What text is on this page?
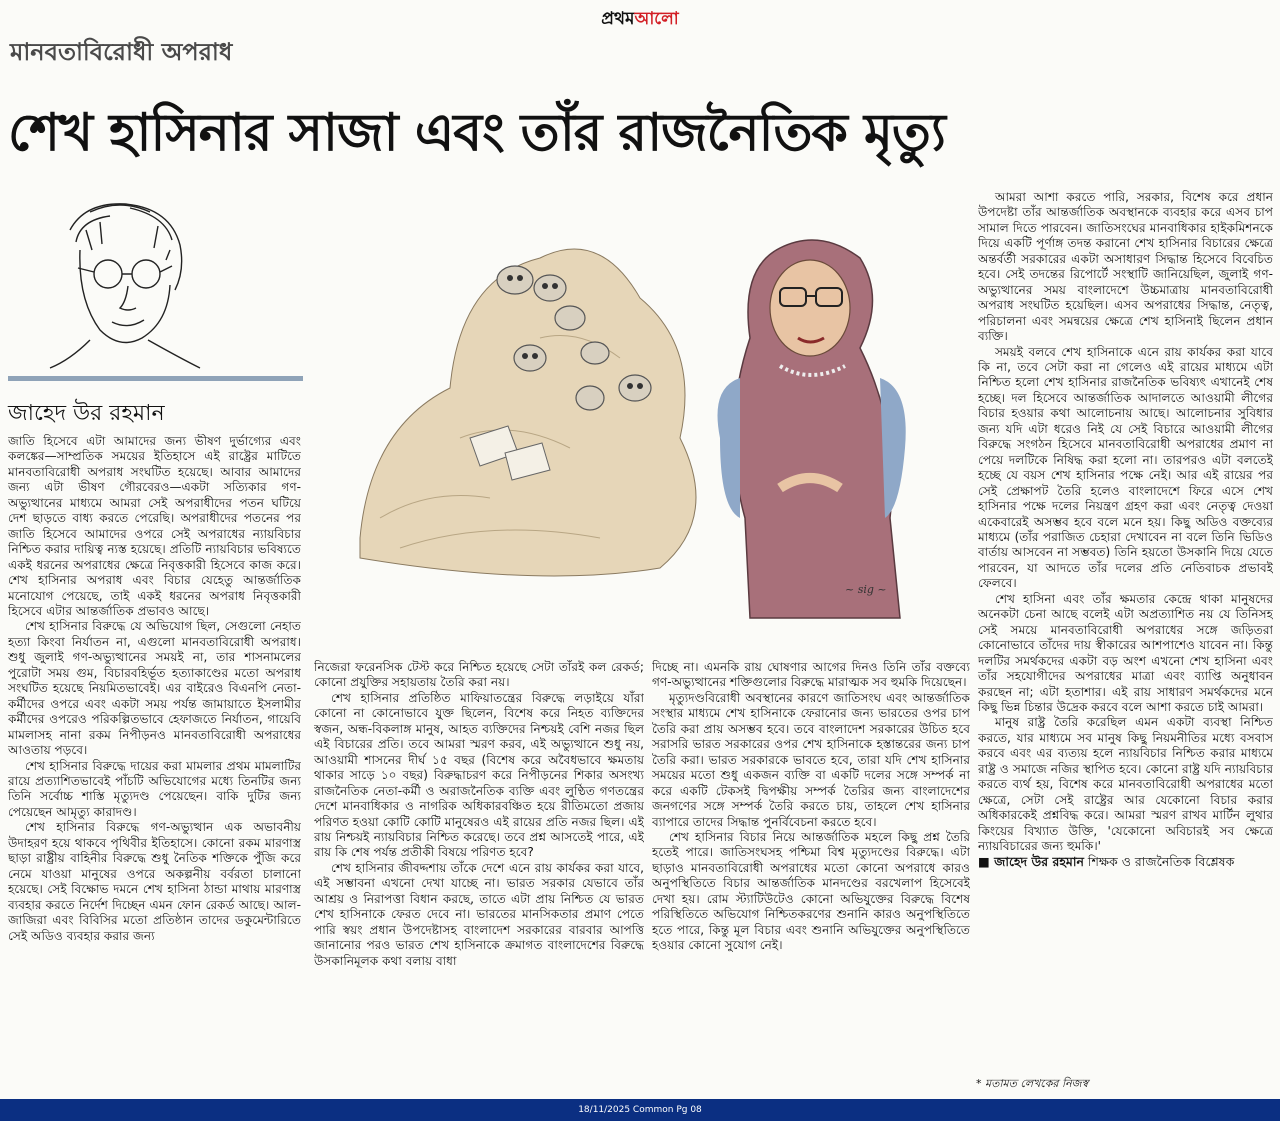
প্রথমআলো
মানবতাবিরোধী অপরাধ
শেখ হাসিনার সাজা এবং তাঁর রাজনৈতিক মৃত্যু
জাহেদ উর রহমান
~ sig ~

জাতি হিসেবে এটা আমাদের জন্য ভীষণ দুর্ভাগ্যের এবং কলঙ্কের—সাম্প্রতিক সময়ের ইতিহাসে এই রাষ্ট্রের মাটিতে মানবতাবিরোধী অপরাধ সংঘটিত হয়েছে। আবার আমাদের জন্য এটা ভীষণ গৌরবেরও—একটা সত্যিকার গণ-অভ্যুত্থানের মাধ্যমে আমরা সেই অপরাধীদের পতন ঘটিয়ে দেশ ছাড়তে বাধ্য করতে পেরেছি। অপরাধীদের পতনের পর জাতি হিসেবে আমাদের ওপরে সেই অপরাধের ন্যায়বিচার নিশ্চিত করার দায়িত্ব ন্যস্ত হয়েছে। প্রতিটি ন্যায়বিচার ভবিষ্যতে একই ধরনের অপরাধের ক্ষেত্রে নিবৃত্তকারী হিসেবে কাজ করে। শেখ হাসিনার অপরাধ এবং বিচার যেহেতু আন্তর্জাতিক মনোযোগ পেয়েছে, তাই একই ধরনের অপরাধ নিবৃত্তকারী হিসেবে এটার আন্তর্জাতিক প্রভাবও আছে।

শেখ হাসিনার বিরুদ্ধে যে অভিযোগ ছিল, সেগুলো নেহাত হত্যা কিংবা নির্যাতন না, এগুলো মানবতাবিরোধী অপরাধ। শুধু জুলাই গণ-অভ্যুত্থানের সময়ই না, তার শাসনামলের পুরোটা সময় গুম, বিচারবহির্ভূত হত্যাকাণ্ডের মতো অপরাধ সংঘটিত হয়েছে নিয়মিতভাবেই। এর বাইরেও বিএনপি নেতা-কর্মীদের ওপরে এবং একটা সময় পর্যন্ত জামায়াতে ইসলামীর কর্মীদের ওপরেও পরিকল্পিতভাবে হেফাজতে নির্যাতন, গায়েবি মামলাসহ নানা রকম নিপীড়নও মানবতাবিরোধী অপরাধের আওতায় পড়বে।

শেখ হাসিনার বিরুদ্ধে দায়ের করা মামলার প্রথম মামলাটির রায়ে প্রত্যাশিতভাবেই পাঁচটি অভিযোগের মধ্যে তিনটির জন্য তিনি সর্বোচ্চ শাস্তি মৃত্যুদণ্ড পেয়েছেন। বাকি দুটির জন্য পেয়েছেন আমৃত্যু কারাদণ্ড।

শেখ হাসিনার বিরুদ্ধে গণ-অভ্যুত্থান এক অভাবনীয় উদাহরণ হয়ে থাকবে পৃথিবীর ইতিহাসে। কোনো রকম মারণাস্ত্র ছাড়া রাষ্ট্রীয় বাহিনীর বিরুদ্ধে শুধু নৈতিক শক্তিকে পুঁজি করে নেমে যাওয়া মানুষের ওপরে অকল্পনীয় বর্বরতা চালানো হয়েছে। সেই বিক্ষোভ দমনে শেখ হাসিনা ঠান্ডা মাথায় মারণাস্ত্র ব্যবহার করতে নির্দেশ দিচ্ছেন এমন ফোন রেকর্ড আছে। আল-জাজিরা এবং বিবিসির মতো প্রতিষ্ঠান তাদের ডকুমেন্টারিতে সেই অডিও ব্যবহার করার জন্য

নিজেরা ফরেনসিক টেস্ট করে নিশ্চিত হয়েছে সেটা তাঁরই কল রেকর্ড; কোনো প্রযুক্তির সহায়তায় তৈরি করা নয়।

শেখ হাসিনার প্রতিষ্ঠিত মাফিয়াতন্ত্রের বিরুদ্ধে লড়াইয়ে যাঁরা কোনো না কোনোভাবে যুক্ত ছিলেন, বিশেষ করে নিহত ব্যক্তিদের স্বজন, অন্ধ-বিকলাঙ্গ মানুষ, আহত ব্যক্তিদের নিশ্চয়ই বেশি নজর ছিল এই বিচারের প্রতি। তবে আমরা স্মরণ করব, এই অভ্যুত্থানে শুধু নয়, আওয়ামী শাসনের দীর্ঘ ১৫ বছর (বিশেষ করে অবৈধভাবে ক্ষমতায় থাকার সাড়ে ১০ বছর) বিরুদ্ধাচরণ করে নিপীড়নের শিকার অসংখ্য রাজনৈতিক নেতা-কর্মী ও অরাজনৈতিক ব্যক্তি এবং লুণ্ঠিত গণতন্ত্রের দেশে মানবাধিকার ও নাগরিক অধিকারবঞ্চিত হয়ে রীতিমতো প্রজায় পরিণত হওয়া কোটি কোটি মানুষেরও এই রায়ের প্রতি নজর ছিল। এই রায় নিশ্চয়ই ন্যায়বিচার নিশ্চিত করেছে। তবে প্রশ্ন আসতেই পারে, এই রায় কি শেষ পর্যন্ত প্রতীকী বিষয়ে পরিণত হবে?

শেখ হাসিনার জীবদ্দশায় তাঁকে দেশে এনে রায় কার্যকর করা যাবে, এই সম্ভাবনা এখনো দেখা যাচ্ছে না। ভারত সরকার যেভাবে তাঁর আশ্রয় ও নিরাপত্তা বিধান করছে, তাতে এটা প্রায় নিশ্চিত যে ভারত শেখ হাসিনাকে ফেরত দেবে না। ভারতের মানসিকতার প্রমাণ পেতে পারি স্বয়ং প্রধান উপদেষ্টাসহ বাংলাদেশ সরকারের বারবার আপত্তি জানানোর পরও ভারত শেখ হাসিনাকে ক্রমাগত বাংলাদেশের বিরুদ্ধে উসকানিমূলক কথা বলায় বাধা

দিচ্ছে না। এমনকি রায় ঘোষণার আগের দিনও তিনি তাঁর বক্তব্যে গণ-অভ্যুত্থানের শক্তিগুলোর বিরুদ্ধে মারাত্মক সব হুমকি দিয়েছেন।

মৃত্যুদণ্ডবিরোধী অবস্থানের কারণে জাতিসংঘ এবং আন্তর্জাতিক সংস্থার মাধ্যমে শেখ হাসিনাকে ফেরানোর জন্য ভারতের ওপর চাপ তৈরি করা প্রায় অসম্ভব হবে। তবে বাংলাদেশ সরকারের উচিত হবে সরাসরি ভারত সরকারের ওপর শেখ হাসিনাকে হস্তান্তরের জন্য চাপ তৈরি করা। ভারত সরকারকে ভাবতে হবে, তারা যদি শেখ হাসিনার সময়ের মতো শুধু একজন ব্যক্তি বা একটি দলের সঙ্গে সম্পর্ক না করে একটি টেকসই দ্বিপক্ষীয় সম্পর্ক তৈরির জন্য বাংলাদেশের জনগণের সঙ্গে সম্পর্ক তৈরি করতে চায়, তাহলে শেখ হাসিনার ব্যাপারে তাদের সিদ্ধান্ত পুনর্বিবেচনা করতে হবে।

শেখ হাসিনার বিচার নিয়ে আন্তর্জাতিক মহলে কিছু প্রশ্ন তৈরি হতেই পারে। জাতিসংঘসহ পশ্চিমা বিশ্ব মৃত্যুদণ্ডের বিরুদ্ধে। এটা ছাড়াও মানবতাবিরোধী অপরাধের মতো কোনো অপরাধে কারও অনুপস্থিতিতে বিচার আন্তর্জাতিক মানদণ্ডের বরখেলাপ হিসেবেই দেখা হয়। রোম স্ট্যাটিউটেও কোনো অভিযুক্তের বিরুদ্ধে বিশেষ পরিস্থিতিতে অভিযোগ নিশ্চিতকরণের শুনানি কারও অনুপস্থিতিতে হতে পারে, কিন্তু মূল বিচার এবং শুনানি অভিযুক্তের অনুপস্থিতিতে হওয়ার কোনো সুযোগ নেই।

আমরা আশা করতে পারি, সরকার, বিশেষ করে প্রধান উপদেষ্টা তাঁর আন্তর্জাতিক অবস্থানকে ব্যবহার করে এসব চাপ সামাল দিতে পারবেন। জাতিসংঘের মানবাধিকার হাইকমিশনকে দিয়ে একটি পূর্ণাঙ্গ তদন্ত করানো শেখ হাসিনার বিচারের ক্ষেত্রে অন্তর্বর্তী সরকারের একটা অসাধারণ সিদ্ধান্ত হিসেবে বিবেচিত হবে। সেই তদন্তের রিপোর্টে সংস্থাটি জানিয়েছিল, জুলাই গণ-অভ্যুত্থানের সময় বাংলাদেশে উচ্চমাত্রায় মানবতাবিরোধী অপরাধ সংঘটিত হয়েছিল। এসব অপরাধের সিদ্ধান্ত, নেতৃত্ব, পরিচালনা এবং সমন্বয়ের ক্ষেত্রে শেখ হাসিনাই ছিলেন প্রধান ব্যক্তি।

সময়ই বলবে শেখ হাসিনাকে এনে রায় কার্যকর করা যাবে কি না, তবে সেটা করা না গেলেও এই রায়ের মাধ্যমে এটা নিশ্চিত হলো শেখ হাসিনার রাজনৈতিক ভবিষ্যৎ এখানেই শেষ হচ্ছে। দল হিসেবে আন্তর্জাতিক আদালতে আওয়ামী লীগের বিচার হওয়ার কথা আলোচনায় আছে। আলোচনার সুবিধার জন্য যদি এটা ধরেও নিই যে সেই বিচারে আওয়ামী লীগের বিরুদ্ধে সংগঠন হিসেবে মানবতাবিরোধী অপরাধের প্রমাণ না পেয়ে দলটিকে নিষিদ্ধ করা হলো না। তারপরও এটা বলতেই হচ্ছে যে বয়স শেখ হাসিনার পক্ষে নেই। আর এই রায়ের পর সেই প্রেক্ষাপট তৈরি হলেও বাংলাদেশে ফিরে এসে শেখ হাসিনার পক্ষে দলের নিয়ন্ত্রণ গ্রহণ করা এবং নেতৃত্ব দেওয়া একেবারেই অসম্ভব হবে বলে মনে হয়। কিছু অডিও বক্তব্যের মাধ্যমে (তাঁর পরাজিত চেহারা দেখাবেন না বলে তিনি ভিডিও বার্তায় আসবেন না সম্ভবত) তিনি হয়তো উসকানি দিয়ে যেতে পারবেন, যা আদতে তাঁর দলের প্রতি নেতিবাচক প্রভাবই ফেলবে।

শেখ হাসিনা এবং তাঁর ক্ষমতার কেন্দ্রে থাকা মানুষদের অনেকটা চেনা আছে বলেই এটা অপ্রত্যাশিত নয় যে তিনিসহ সেই সময়ে মানবতাবিরোধী অপরাধের সঙ্গে জড়িতরা কোনোভাবে তাঁদের দায় স্বীকারের আশপাশেও যাবেন না। কিন্তু দলটির সমর্থকদের একটা বড় অংশ এখনো শেখ হাসিনা এবং তাঁর সহযোগীদের অপরাধের মাত্রা এবং ব্যাপ্তি অনুধাবন করছেন না; এটা হতাশার। এই রায় সাধারণ সমর্থকদের মনে কিছু ভিন্ন চিন্তার উদ্রেক করবে বলে আশা করতে চাই আমরা।

মানুষ রাষ্ট্র তৈরি করেছিল এমন একটা ব্যবস্থা নিশ্চিত করতে, যার মাধ্যমে সব মানুষ কিছু নিয়মনীতির মধ্যে বসবাস করবে এবং এর ব্যত্যয় হলে ন্যায়বিচার নিশ্চিত করার মাধ্যমে রাষ্ট্র ও সমাজে নজির স্থাপিত হবে। কোনো রাষ্ট্র যদি ন্যায়বিচার করতে ব্যর্থ হয়, বিশেষ করে মানবতাবিরোধী অপরাধের মতো ক্ষেত্রে, সেটা সেই রাষ্ট্রের আর যেকোনো বিচার করার অধিকারকেই প্রশ্নবিদ্ধ করে। আমরা স্মরণ রাখব মার্টিন লুথার কিংয়ের বিখ্যাত উক্তি, 'যেকোনো অবিচারই সব ক্ষেত্রে ন্যায়বিচারের জন্য হুমকি।'

■ জাহেদ উর রহমান শিক্ষক ও রাজনৈতিক বিশ্লেষক

* মতামত লেখকের নিজস্ব
18/11/2025 Common Pg 08
